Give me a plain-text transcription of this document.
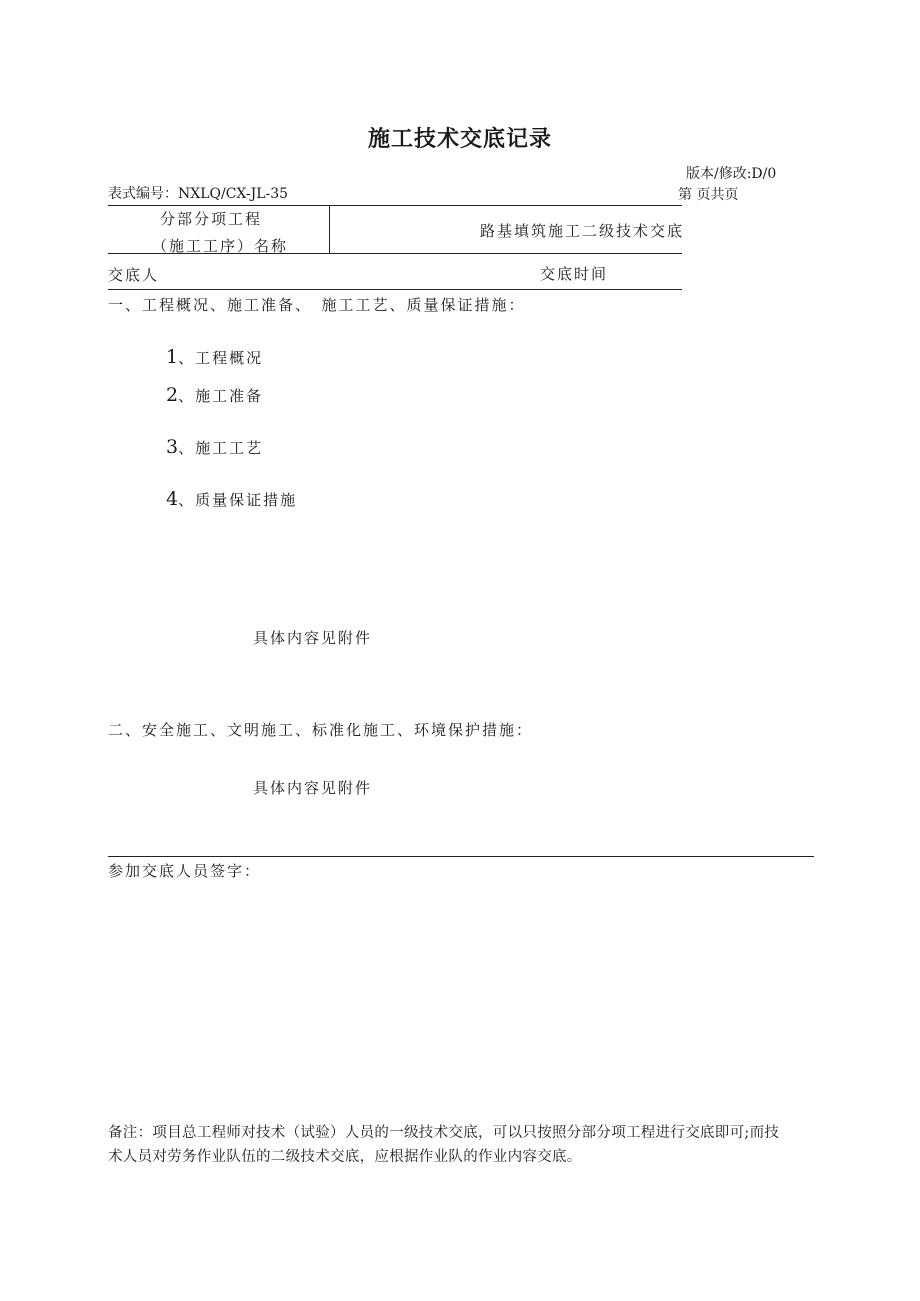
施工技术交底记录
版本/修改:D/0
表式编号：NXLQ/CX-JL-35	第 页共页
分部分项工程
（施工工序）名称
路基填筑施工二级技术交底
交底人	交底时间
一、工程概况、施工准备、　施工工艺、质量保证措施：
1、工程概况
2、施工准备
3、施工工艺
4、质量保证措施
具体内容见附件
二、安全施工、文明施工、标准化施工、环境保护措施：
具体内容见附件
参加交底人员签字：
备注：项目总工程师对技术（试验）人员的一级技术交底，可以只按照分部分项工程进行交底即可;而技
术人员对劳务作业队伍的二级技术交底，应根据作业队的作业内容交底。
